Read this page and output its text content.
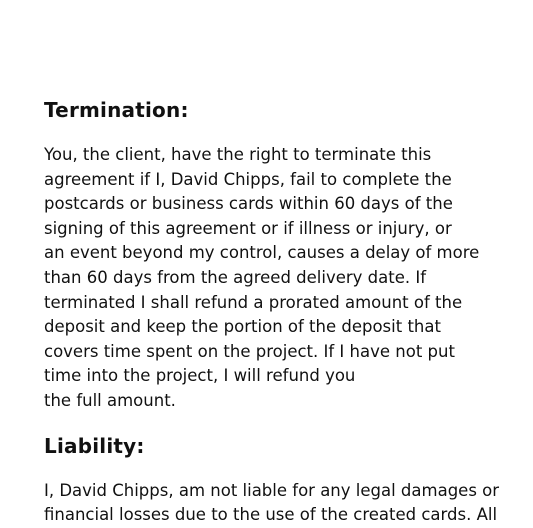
Termination:

You, the client, have the right to terminate this
agreement if I, David Chipps, fail to complete the
postcards or business cards within 60 days of the
signing of this agreement or if illness or injury, or
an event beyond my control, causes a delay of more
than 60 days from the agreed delivery date. If
terminated I shall refund a prorated amount of the
deposit and keep the portion of the deposit that
covers time spent on the project. If I have not put
time into the project, I will refund you
the full amount.

Liability:

I, David Chipps, am not liable for any legal damages or
financial losses due to the use of the created cards. All
